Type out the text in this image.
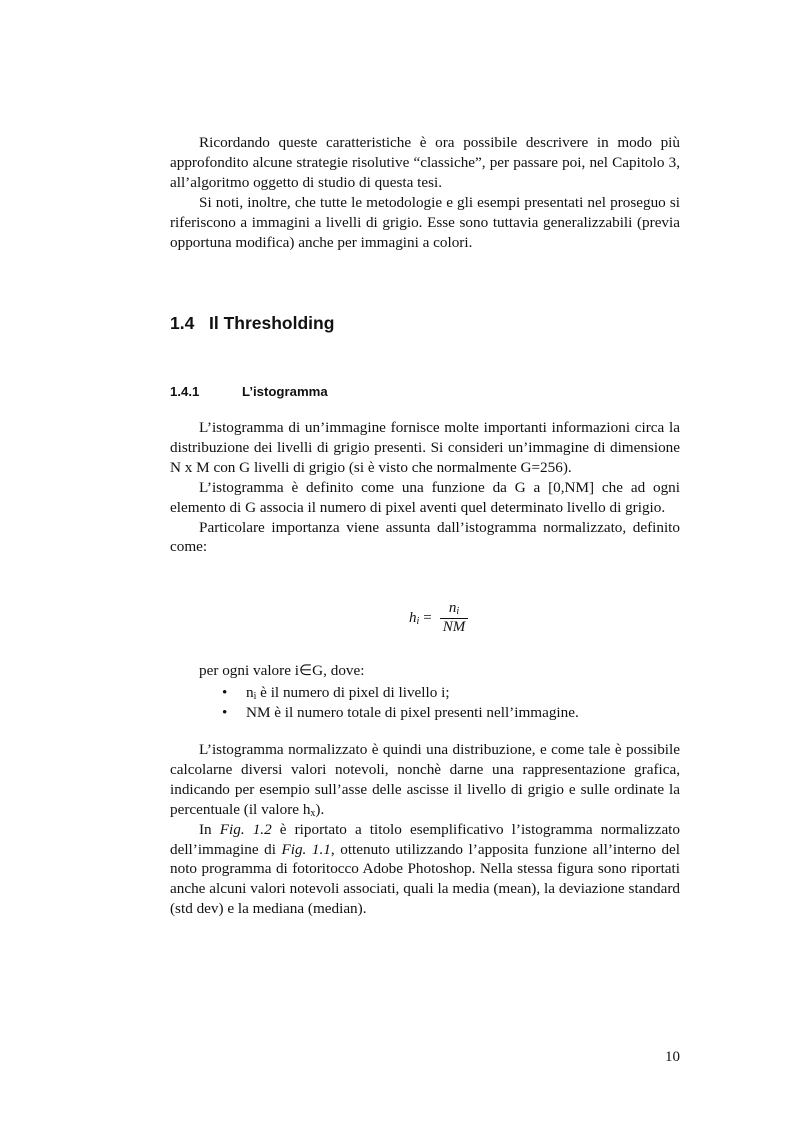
Ricordando queste caratteristiche è ora possibile descrivere in modo più approfondito alcune strategie risolutive “classiche”, per passare poi, nel Capitolo 3, all’algoritmo oggetto di studio di questa tesi.

Si noti, inoltre, che tutte le metodologie e gli esempi presentati nel proseguo si riferiscono a immagini a livelli di grigio. Esse sono tuttavia generalizzabili (previa opportuna modifica) anche per immagini a colori.

1.4 Il Thresholding
1.4.1	L’istogramma

L’istogramma di un’immagine fornisce molte importanti informazioni circa la distribuzione dei livelli di grigio presenti. Si consideri un’immagine di dimensione N x M con G livelli di grigio (si è visto che normalmente G=256).

L’istogramma è definito come una funzione da G a [0,NM] che ad ogni elemento di G associa il numero di pixel aventi quel determinato livello di grigio.

Particolare importanza viene assunta dall’istogramma normalizzato, definito come:

$h_i$ =
$n_i$
NM

per ogni valore i∈G, dove:

• $n_i$ è il numero di pixel di livello i;
• NM è il numero totale di pixel presenti nell’immagine.

L’istogramma normalizzato è quindi una distribuzione, e come tale è possibile calcolarne diversi valori notevoli, nonchè darne una rappresentazione grafica, indicando per esempio sull’asse delle ascisse il livello di grigio e sulle ordinate la percentuale (il valore $h_x$).

In Fig. 1.2 è riportato a titolo esemplificativo l’istogramma normalizzato dell’immagine di Fig. 1.1, ottenuto utilizzando l’apposita funzione all’interno del noto programma di fotoritocco Adobe Photoshop. Nella stessa figura sono riportati anche alcuni valori notevoli associati, quali la media (mean), la deviazione standard (std dev) e la mediana (median).

10
